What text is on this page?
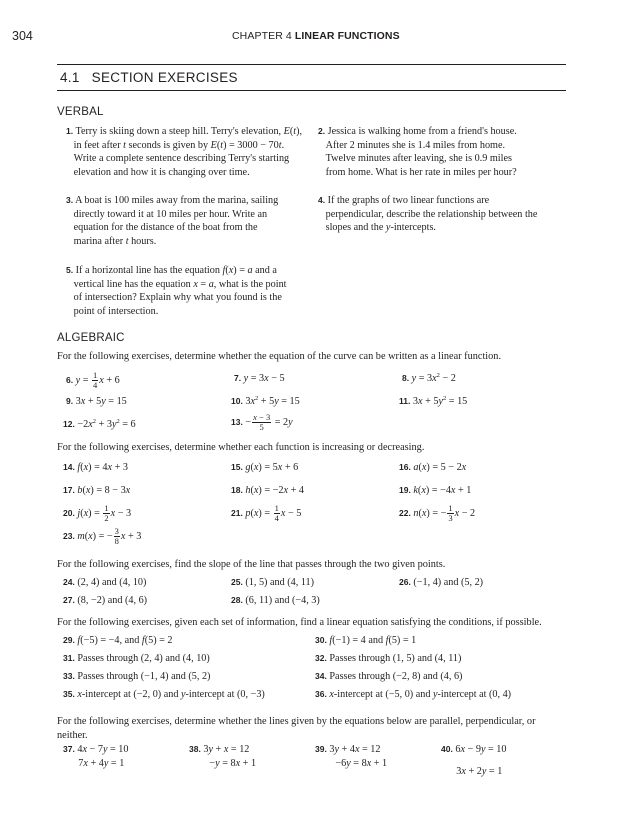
304	CHAPTER 4 LINEAR FUNCTIONS
4.1 SECTION EXERCISES
VERBAL
1. Terry is skiing down a steep hill. Terry's elevation, E(t),
in feet after t seconds is given by E(t) = 3000 − 70t.
Write a complete sentence describing Terry's starting
elevation and how it is changing over time.
2. Jessica is walking home from a friend's house.
After 2 minutes she is 1.4 miles from home.
Twelve minutes after leaving, she is 0.9 miles
from home. What is her rate in miles per hour?
3. A boat is 100 miles away from the marina, sailing
directly toward it at 10 miles per hour. Write an
equation for the distance of the boat from the
marina after t hours.
4. If the graphs of two linear functions are
perpendicular, describe the relationship between the
slopes and the y-intercepts.
5. If a horizontal line has the equation f(x) = a and a
vertical line has the equation x = a, what is the point
of intersection? Explain why what you found is the
point of intersection.
ALGEBRAIC
For the following exercises, determine whether the equation of the curve can be written as a linear function.
6. $y = \frac{1}{4}$ x + 6	7. y = 3x − 5	8. $y = 3x^2 - 2$
9. 3x + 5y = 15	10. $3x^2 + 5y = 15$	11. $3x + 5y^2 = 15$
12. $-2x^2 + 3y^2 = 6$	13. − $\frac{x - 3}{5} = 2y$
For the following exercises, determine whether each function is increasing or decreasing.
14. f(x) = 4x + 3	15. g(x) = 5x + 6	16. a(x) = 5 − 2x
17. b(x) = 8 − 3x	18. h(x) = −2x + 4	19. k(x) = −4x + 1
20. $j(x) = \frac{1}{2}$ x − 3	21. $p(x) = \frac{1}{4}$ x − 5	22. n(x) = − $\frac{1}{3}$ x − 2
23. m(x) = − $\frac{3}{8}$ x + 3
For the following exercises, find the slope of the line that passes through the two given points.
24. (2, 4) and (4, 10)	25. (1, 5) and (4, 11)	26. (−1, 4) and (5, 2)
27. (8, −2) and (4, 6)	28. (6, 11) and (−4, 3)
For the following exercises, given each set of information, find a linear equation satisfying the conditions, if possible.
29. f(−5) = −4, and f(5) = 2	30. f(−1) = 4 and f(5) = 1
31. Passes through (2, 4) and (4, 10)	32. Passes through (1, 5) and (4, 11)
33. Passes through (−1, 4) and (5, 2)	34. Passes through (−2, 8) and (4, 6)
35. x-intercept at (−2, 0) and y-intercept at (0, −3)	36. x-intercept at (−5, 0) and y-intercept at (0, 4)
For the following exercises, determine whether the lines given by the equations below are parallel, perpendicular, or neither.
37. 4x − 7y = 10
7x + 4y = 1
38. 3y + x = 12
−y = 8x + 1
39. 3y + 4x = 12
−6y = 8x + 1
40. 6x − 9y = 10
3x + 2y = 1
